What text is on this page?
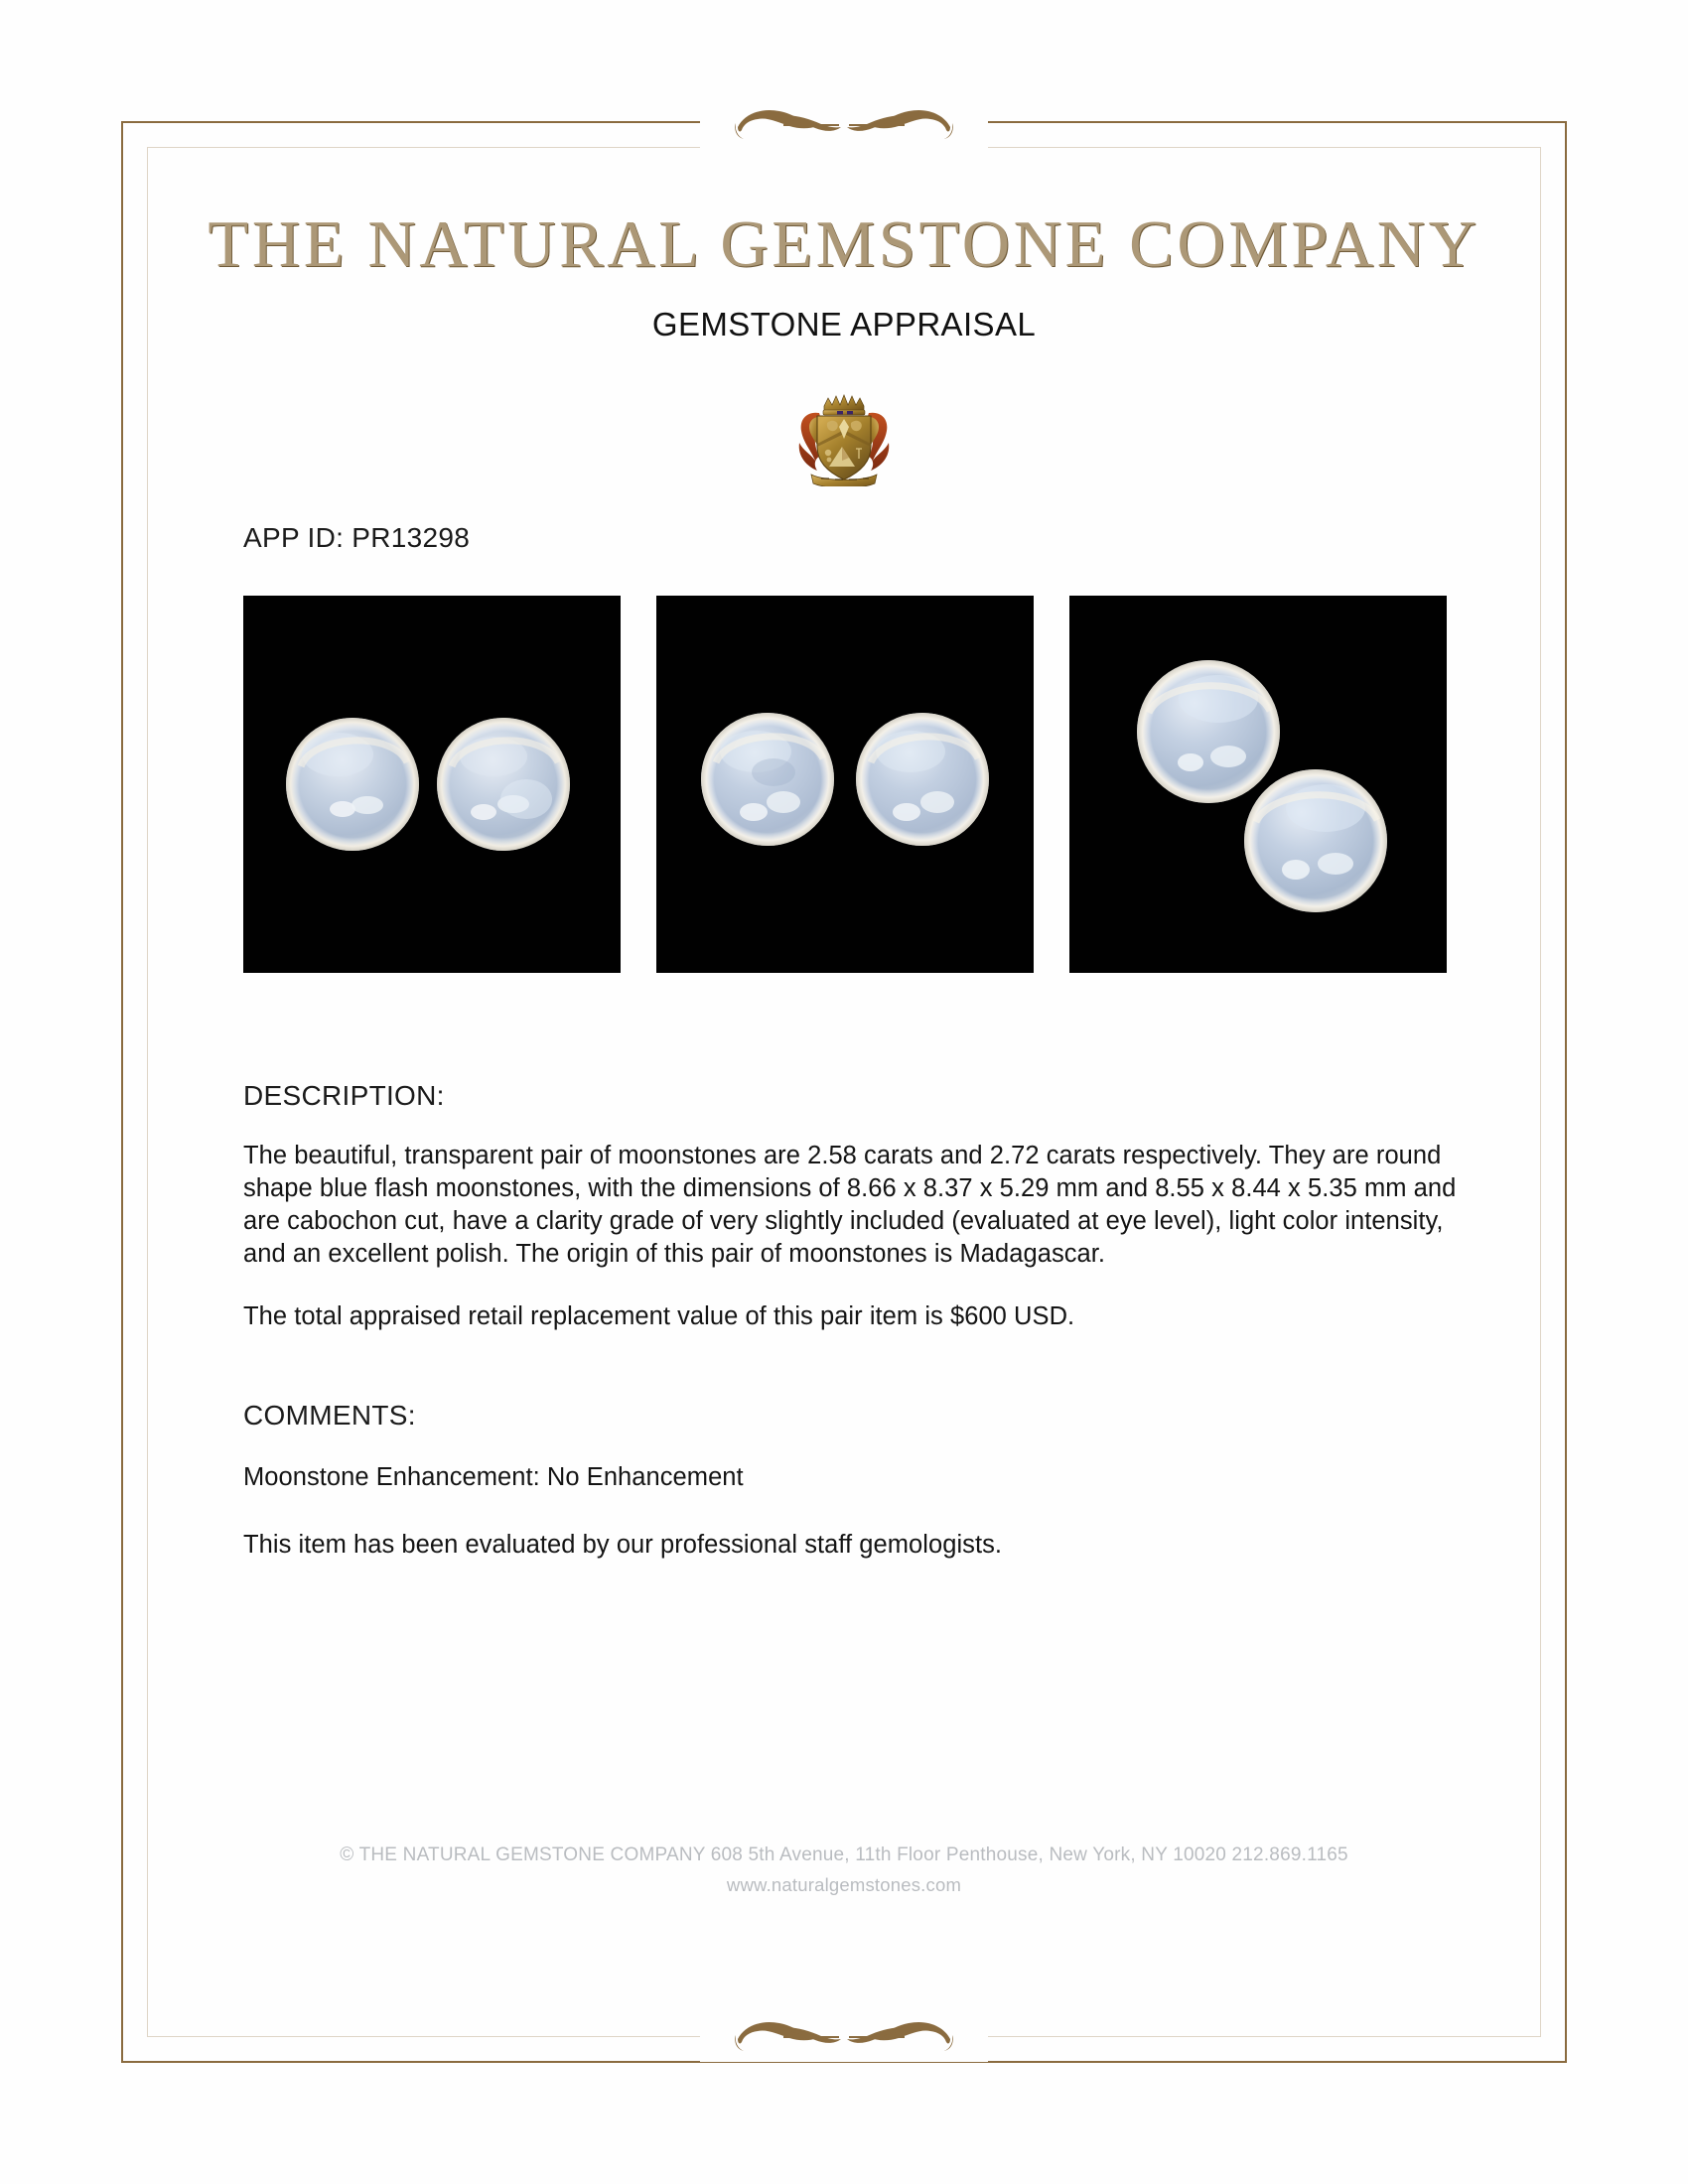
THE NATURAL GEMSTONE COMPANY
GEMSTONE APPRAISAL
APP ID: PR13298
DESCRIPTION:
The beautiful, transparent pair of moonstones are 2.58 carats and 2.72 carats respectively. They are round shape blue flash moonstones, with the dimensions of 8.66 x 8.37 x 5.29 mm and 8.55 x 8.44 x 5.35 mm and are cabochon cut, have a clarity grade of very slightly included (evaluated at eye level), light color intensity, and an excellent polish. The origin of this pair of moonstones is Madagascar.
The total appraised retail replacement value of this pair item is $600 USD.
COMMENTS:
Moonstone Enhancement: No Enhancement
This item has been evaluated by our professional staff gemologists.
© THE NATURAL GEMSTONE COMPANY 608 5th Avenue, 11th Floor Penthouse, New York, NY 10020 212.869.1165
www.naturalgemstones.com
